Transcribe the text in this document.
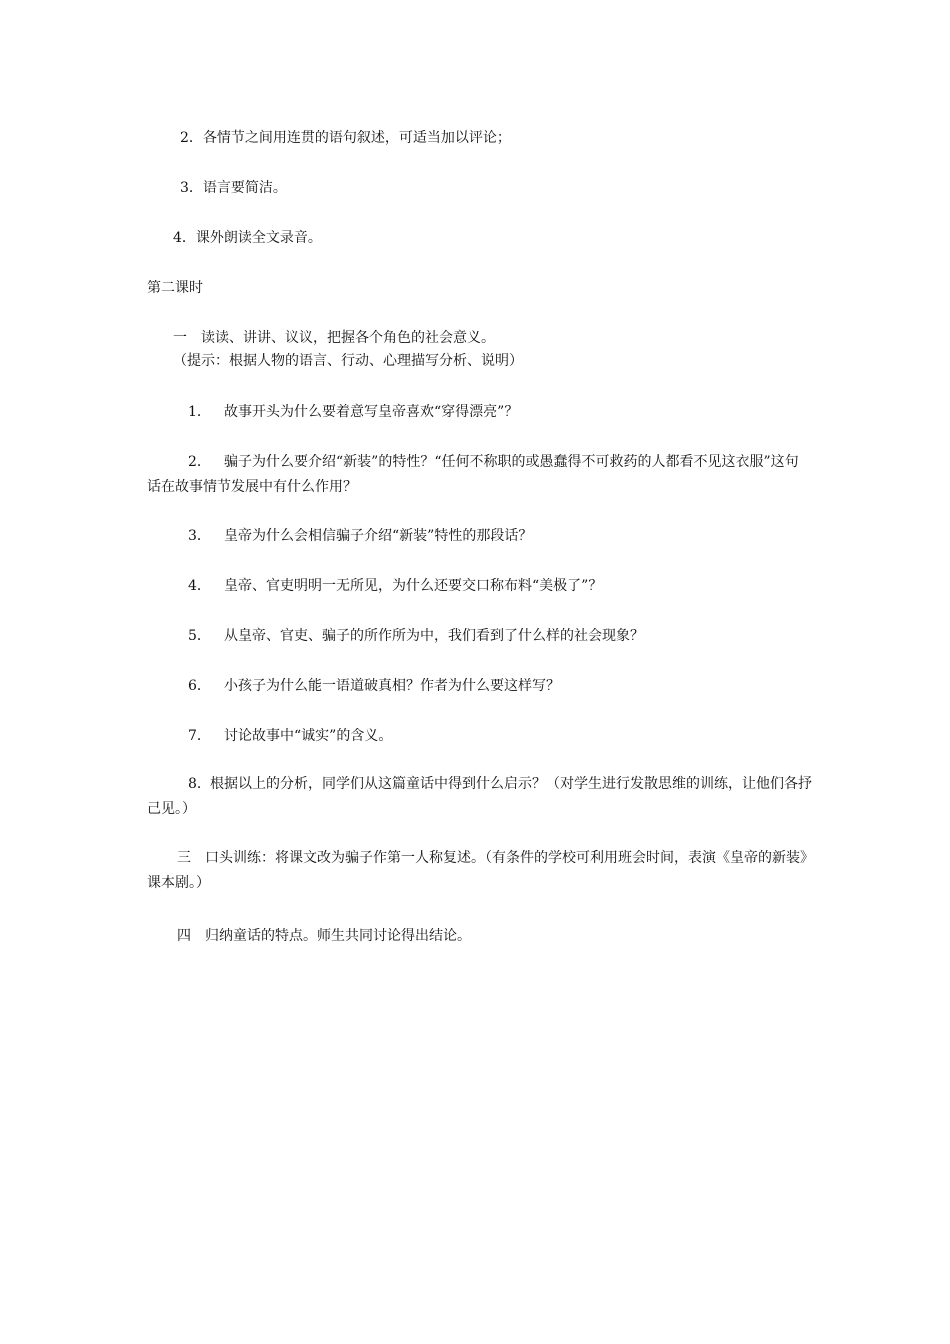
2．各情节之间用连贯的语句叙述，可适当加以评论；
3．语言要简洁。
4．课外朗读全文录音。
第二课时
一　读读、讲讲、议议，把握各个角色的社会意义。
（提示：根据人物的语言、行动、心理描写分析、说明）
1． 故事开头为什么要着意写皇帝喜欢“穿得漂亮”？
2． 骗子为什么要介绍“新装”的特性？“任何不称职的或愚蠢得不可救药的人都看不见这衣服”这句话在故事情节发展中有什么作用？
3． 皇帝为什么会相信骗子介绍“新装”特性的那段话？
4． 皇帝、官吏明明一无所见，为什么还要交口称布料“美极了”？
5． 从皇帝、官吏、骗子的所作所为中，我们看到了什么样的社会现象？
6． 小孩子为什么能一语道破真相？作者为什么要这样写？
7． 讨论故事中“诚实”的含义。
8．根据以上的分析，同学们从这篇童话中得到什么启示？（对学生进行发散思维的训练，让他们各抒己见。）
三　口头训练：将课文改为骗子作第一人称复述。（有条件的学校可利用班会时间，表演《皇帝的新装》课本剧。）
四　归纳童话的特点。师生共同讨论得出结论。
